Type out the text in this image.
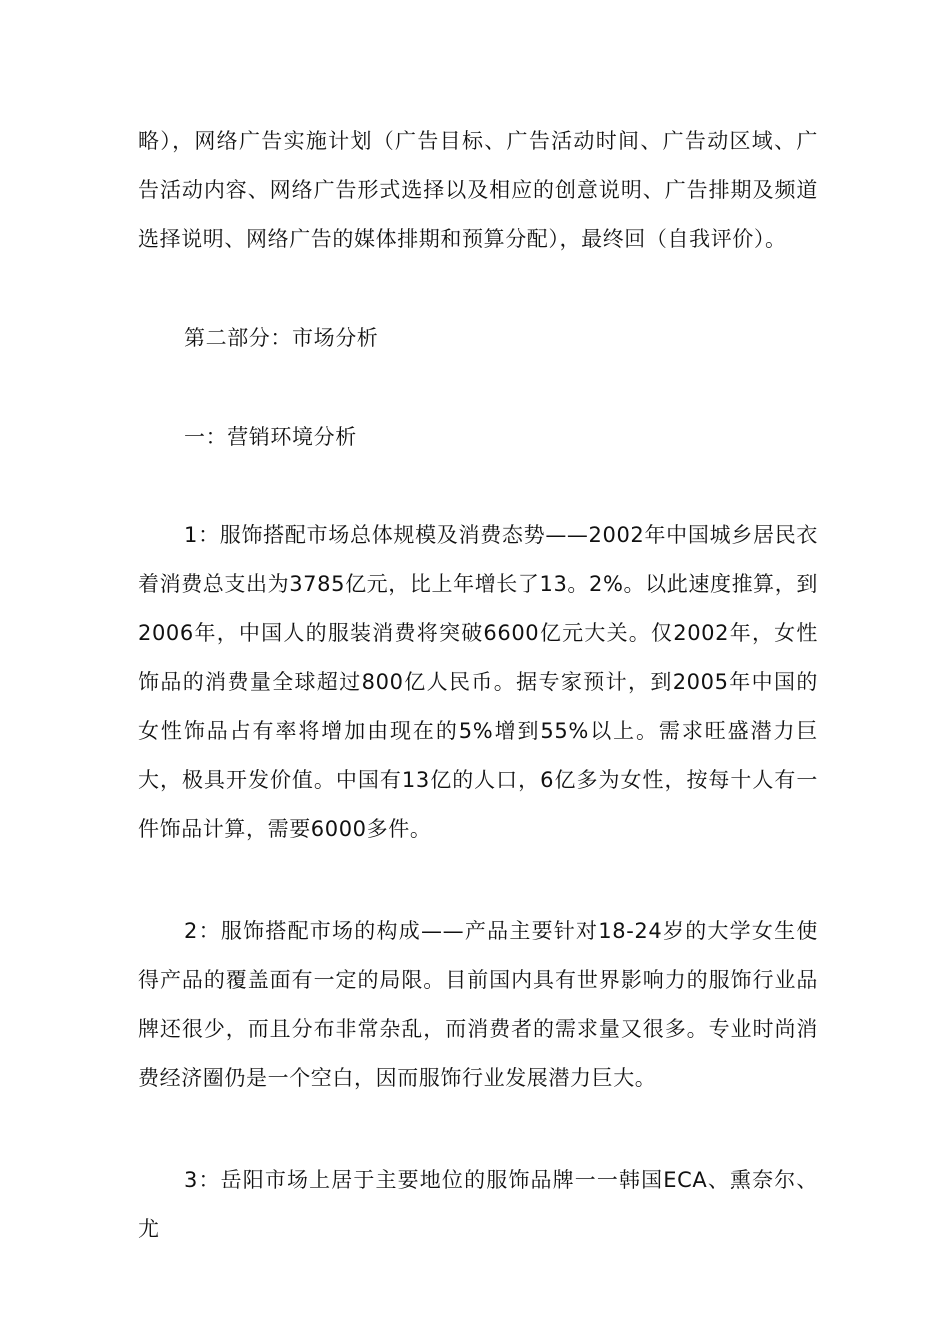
略），网络广告实施计划（广告目标、广告活动时间、广告动区域、广告活动内容、网络广告形式选择以及相应的创意说明、广告排期及频道选择说明、网络广告的媒体排期和预算分配），最终回（自我评价）。

第二部分：市场分析

一：营销环境分析

1：服饰搭配市场总体规模及消费态势——2002年中国城乡居民衣着消费总支出为3785亿元，比上年增长了13。2%。以此速度推算，到2006年，中国人的服装消费将突破6600亿元大关。仅2002年，女性饰品的消费量全球超过800亿人民币。据专家预计，到2005年中国的女性饰品占有率将增加由现在的5%增到55%以上。需求旺盛潜力巨大，极具开发价值。中国有13亿的人口，6亿多为女性，按每十人有一件饰品计算，需要6000多件。

2：服饰搭配市场的构成——产品主要针对18-24岁的大学女生使得产品的覆盖面有一定的局限。目前国内具有世界影响力的服饰行业品牌还很少，而且分布非常杂乱，而消费者的需求量又很多。专业时尚消费经济圈仍是一个空白，因而服饰行业发展潜力巨大。

3：岳阳市场上居于主要地位的服饰品牌一一韩国ECA、熏奈尔、尤
